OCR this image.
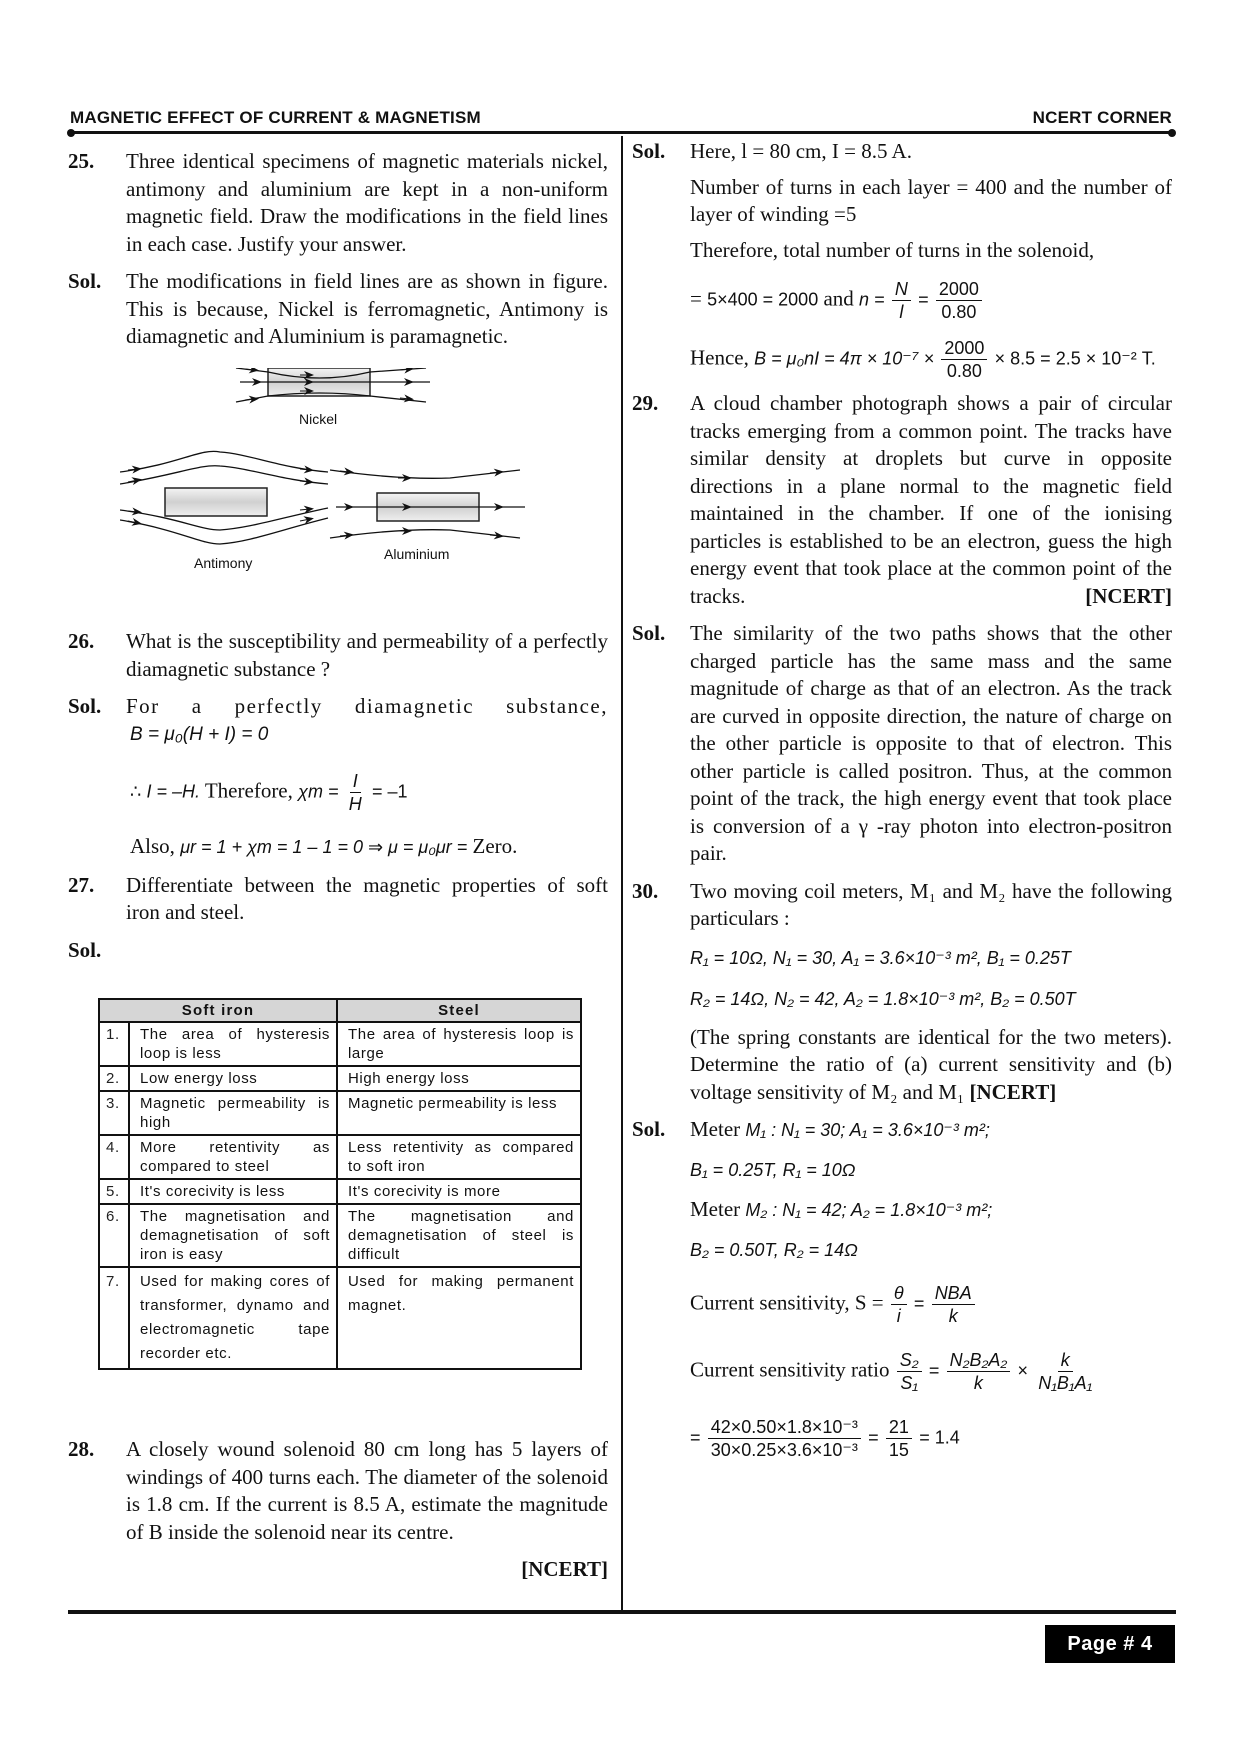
MAGNETIC EFFECT OF CURRENT & MAGNETISM	NCERT CORNER
25.	Three identical specimens of magnetic materials nickel, antimony and aluminium are kept in a non-uniform magnetic field. Draw the modifications in the field lines in each case. Justify your answer.
Sol.	The modifications in field lines are as shown in figure. This is because, Nickel is ferromagnetic, Antimony is diamagnetic and Aluminium is paramagnetic.
Nickel
Antimony
Aluminium
26.	What is the susceptibility and permeability of a perfectly diamagnetic substance ?
Sol.	For a perfectly diamagnetic substance,
B = μ₀(H + I) = 0
∴ I = –H. Therefore, $\chi m = \frac{I}{H} = -1$
Also, μr = 1 + χm = 1 – 1 = 0 ⇒ μ = μ₀μr = Zero.
27.	Differentiate between the magnetic properties of soft iron and steel.
Sol.
Soft iron		Steel
1.	The area of hysteresis loop is less	The area of hysteresis loop is large
2.	Low energy loss	High energy loss
3.	Magnetic permeability is high	Magnetic permeability is less
4.	More retentivity as compared to steel	Less retentivity as compared to soft iron
5.	It's corecivity is less	It's corecivity is more
6.	The magnetisation and demagnetisation of soft iron is easy	The magnetisation and demagnetisation of steel is difficult
7.	Used for making cores of transformer, dynamo and electromagnetic tape recorder etc.	Used for making permanent magnet.
28.	A closely wound solenoid 80 cm long has 5 layers of windings of 400 turns each. The diameter of the solenoid is 1.8 cm. If the current is 8.5 A, estimate the magnitude of B inside the solenoid near its centre.
[NCERT]
Sol.	Here, l = 80 cm, I = 8.5 A.
Number of turns in each layer = 400 and the number of layer of winding =5
Therefore, total number of turns in the solenoid,
= 5×400 = 2000 and $n = \frac{N}{l} = \frac{2000}{0.80}$
Hence, $B = \mu_0nI = 4\pi \times 10^{-7} \times \frac{2000}{0.80} \times 8.5 = 2.5 \times 10^{-2}$ T.
29.	A cloud chamber photograph shows a pair of circular tracks emerging from a common point. The tracks have similar density at droplets but curve in opposite directions in a plane normal to the magnetic field maintained in the chamber. If one of the ionising particles is established to be an electron, guess the high energy event that took place at the common point of the tracks.	[NCERT]
Sol.	The similarity of the two paths shows that the other charged particle has the same mass and the same magnitude of charge as that of an electron. As the track are curved in opposite direction, the nature of charge on the other particle is opposite to that of electron. This other particle is called positron. Thus, at the common point of the track, the high energy event that took place is conversion of a γ -ray photon into electron-positron pair.
30.	Two moving coil meters, M₁ and M₂ have the following particulars :
R₁ = 10Ω, N₁ = 30, A₁ = 3.6×10⁻³ m², B₁ = 0.25T
R₂ = 14Ω, N₂ = 42, A₂ = 1.8×10⁻³ m², B₂ = 0.50T
(The spring constants are identical for the two meters). Determine the ratio of (a) current sensitivity and (b) voltage sensitivity of M₂ and M₁ [NCERT]
Sol.	Meter M₁ : N₁ = 30; A₁ = 3.6×10⁻³ m²;
B₁ = 0.25T, R₁ = 10Ω
Meter M₂ : N₁ = 42; A₂ = 1.8×10⁻³ m²;
B₂ = 0.50T, R₂ = 14Ω
Current sensitivity, $S = \frac{\theta}{i} = \frac{\text{NBA}}{k}$
Current sensitivity ratio $\frac{\text{S₂}}{\text{S₁}} = \frac{\text{N₂B₂A₂}}{k} \times \frac{k}{\text{N₁B₁A₁}}$
= $\frac{\text{42×0.50×1.8×10⁻³}}{\text{30×0.25×3.6×10⁻³}} = \frac{21}{15} = 1.4$
Page # 4
